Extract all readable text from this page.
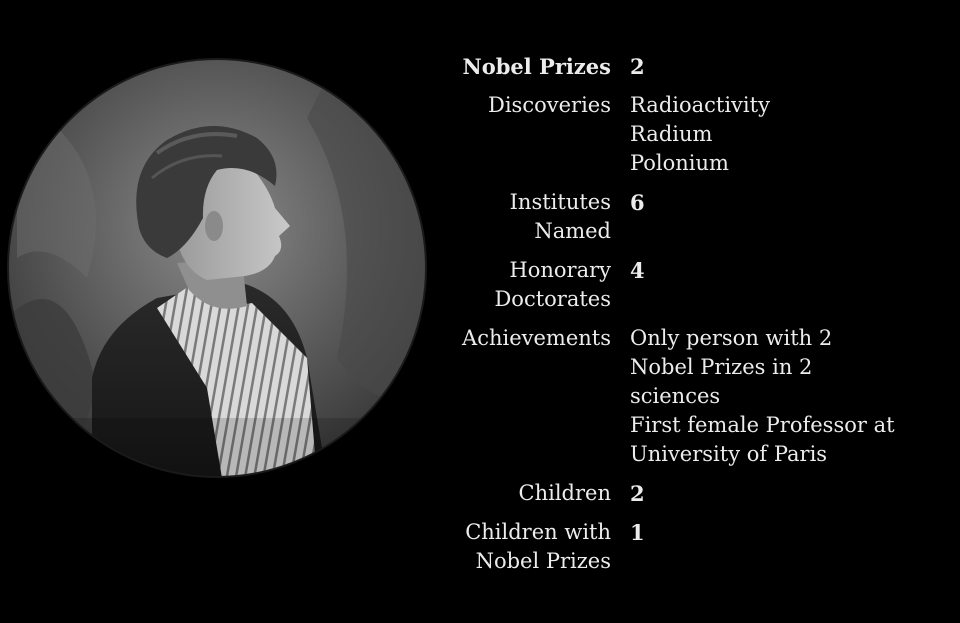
Nobel Prizes 2
Discoveries Radioactivity
Radium
Polonium
Institutes
Named
6
Honorary
Doctorates
4
Achievements Only person with 2
Nobel Prizes in 2
sciences
First female Professor at
University of Paris
Children 2
Children with
Nobel Prizes
1
